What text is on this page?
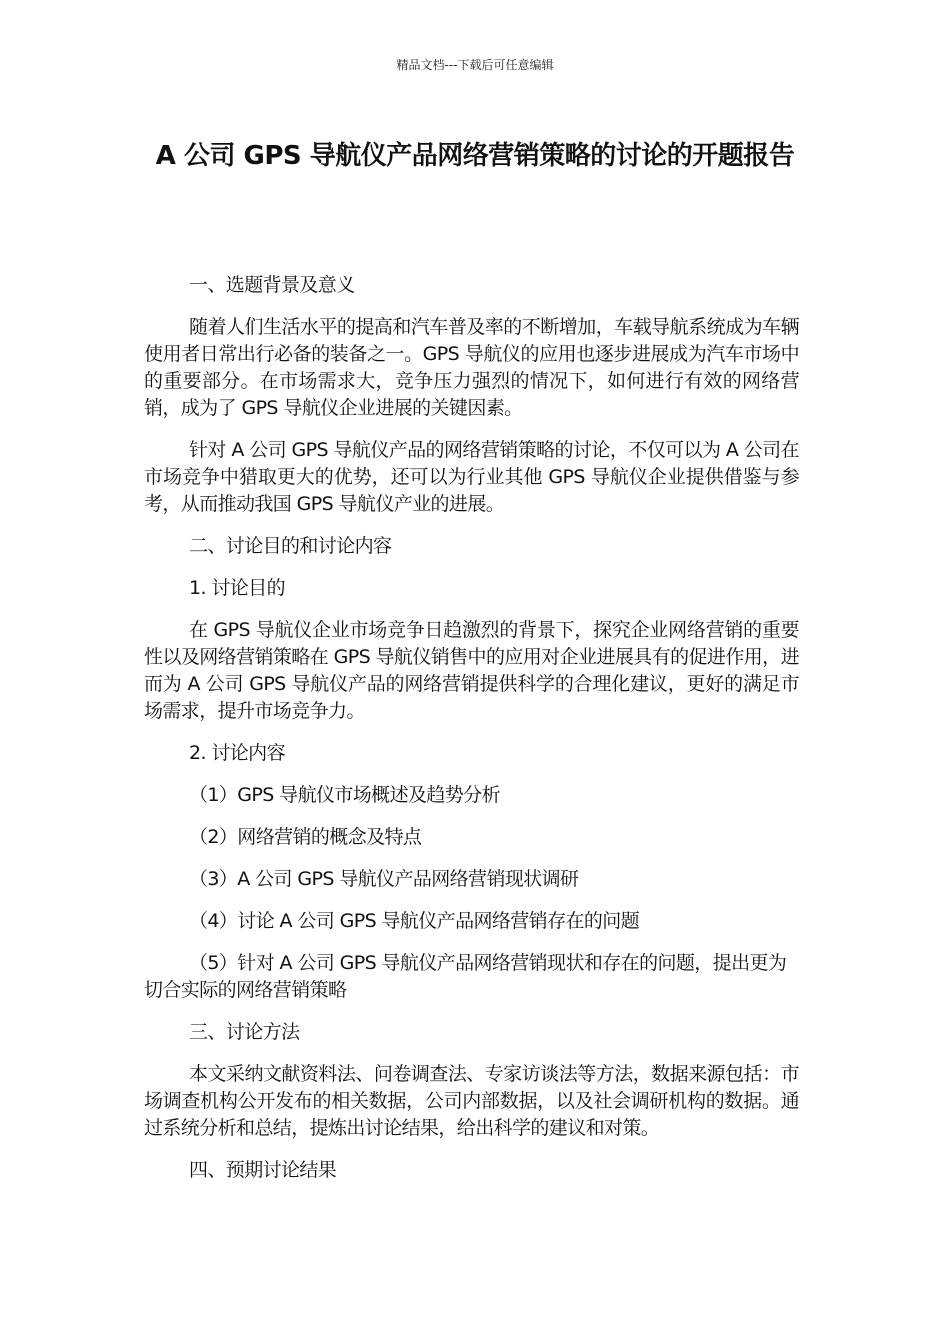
精品文档---下载后可任意编辑
A 公司 GPS 导航仪产品网络营销策略的讨论的开题报告

一、选题背景及意义

随着人们生活水平的提高和汽车普及率的不断增加，车载导航系统成为车辆使用者日常出行必备的装备之一。GPS 导航仪的应用也逐步进展成为汽车市场中的重要部分。在市场需求大，竞争压力强烈的情况下，如何进行有效的网络营销，成为了 GPS 导航仪企业进展的关键因素。

针对 A 公司 GPS 导航仪产品的网络营销策略的讨论，不仅可以为 A 公司在市场竞争中猎取更大的优势，还可以为行业其他 GPS 导航仪企业提供借鉴与参考，从而推动我国 GPS 导航仪产业的进展。

二、讨论目的和讨论内容

1. 讨论目的

在 GPS 导航仪企业市场竞争日趋激烈的背景下，探究企业网络营销的重要性以及网络营销策略在 GPS 导航仪销售中的应用对企业进展具有的促进作用，进而为 A 公司 GPS 导航仪产品的网络营销提供科学的合理化建议，更好的满足市场需求，提升市场竞争力。

2. 讨论内容

（1）GPS 导航仪市场概述及趋势分析

（2）网络营销的概念及特点

（3）A 公司 GPS 导航仪产品网络营销现状调研

（4）讨论 A 公司 GPS 导航仪产品网络营销存在的问题

（5）针对 A 公司 GPS 导航仪产品网络营销现状和存在的问题，提出更为切合实际的网络营销策略

三、讨论方法

本文采纳文献资料法、问卷调查法、专家访谈法等方法，数据来源包括：市场调查机构公开发布的相关数据，公司内部数据，以及社会调研机构的数据。通过系统分析和总结，提炼出讨论结果，给出科学的建议和对策。

四、预期讨论结果
